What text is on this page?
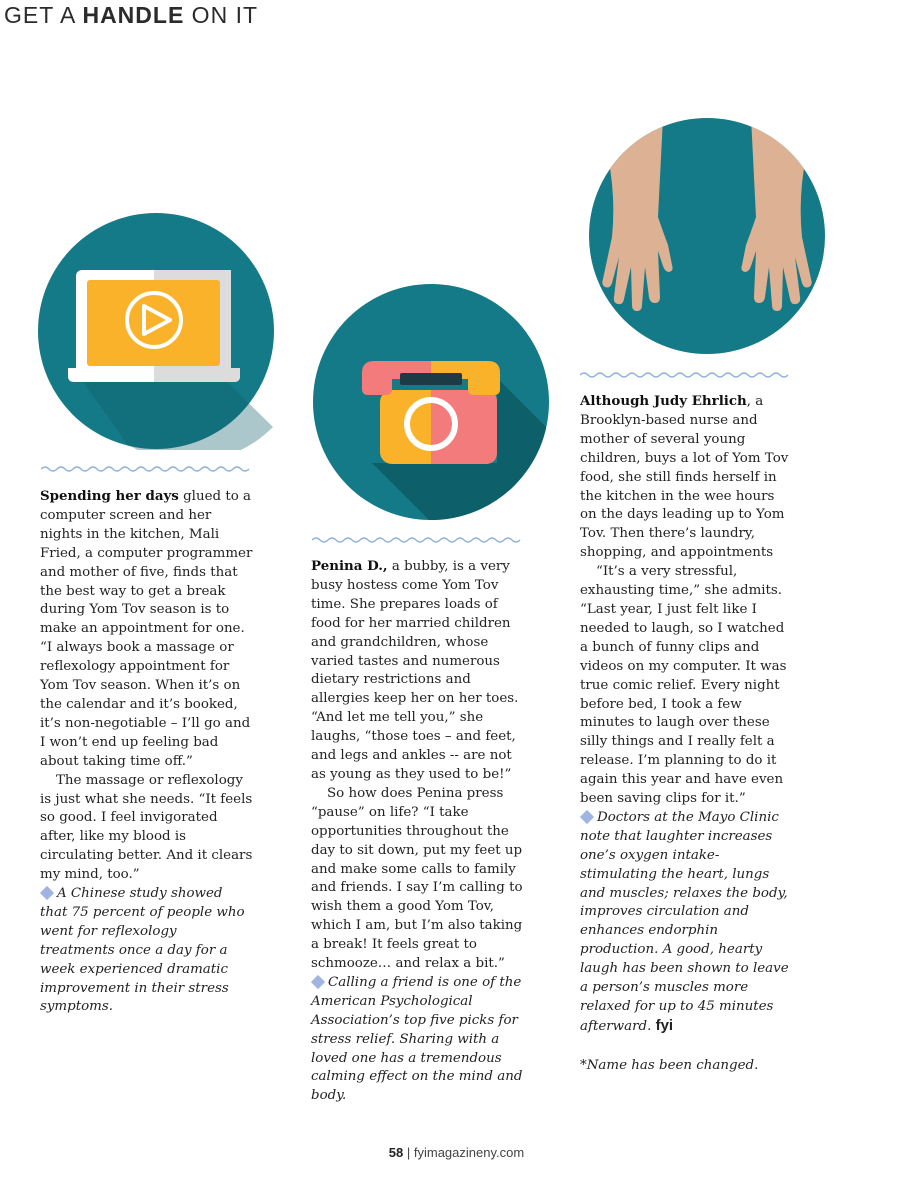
GET A HANDLE ON IT

Spending her days glued to a computer screen and her nights in the kitchen, Mali Fried, a computer programmer and mother of five, finds that the best way to get a break during Yom Tov season is to make an appointment for one. “I always book a massage or reflexology appointment for Yom Tov season. When it’s on the calendar and it’s booked, it’s non-negotiable – I’ll go and I won’t end up feeling bad about taking time off.”

The massage or reflexology is just what she needs. “It feels so good. I feel invigorated after, like my blood is circulating better. And it clears my mind, too.”

A Chinese study showed that 75 percent of people who went for reflexology treatments once a day for a week experienced dramatic improvement in their stress symptoms.

Penina D., a bubby, is a very busy hostess come Yom Tov time. She prepares loads of food for her married children and grandchildren, whose varied tastes and numerous dietary restrictions and allergies keep her on her toes. “And let me tell you,” she laughs, “those toes – and feet, and legs and ankles -- are not as young as they used to be!”

So how does Penina press “pause” on life? “I take opportunities throughout the day to sit down, put my feet up and make some calls to family and friends. I say I’m calling to wish them a good Yom Tov, which I am, but I’m also taking a break! It feels great to schmooze… and relax a bit.”

Calling a friend is one of the American Psychological Association’s top five picks for stress relief. Sharing with a loved one has a tremendous calming effect on the mind and body.

Although Judy Ehrlich, a Brooklyn-based nurse and mother of several young children, buys a lot of Yom Tov food, she still finds herself in the kitchen in the wee hours on the days leading up to Yom Tov. Then there’s laundry, shopping, and appointments

“It’s a very stressful, exhausting time,” she admits. “Last year, I just felt like I needed to laugh, so I watched a bunch of funny clips and videos on my computer. It was true comic relief. Every night before bed, I took a few minutes to laugh over these silly things and I really felt a release. I’m planning to do it again this year and have even been saving clips for it.”

Doctors at the Mayo Clinic note that laughter increases one’s oxygen intake- stimulating the heart, lungs and muscles; relaxes the body, improves circulation and enhances endorphin production. A good, hearty laugh has been shown to leave a person’s muscles more relaxed for up to 45 minutes afterward. fyi

*Name has been changed.

58 | fyimagazineny.com
